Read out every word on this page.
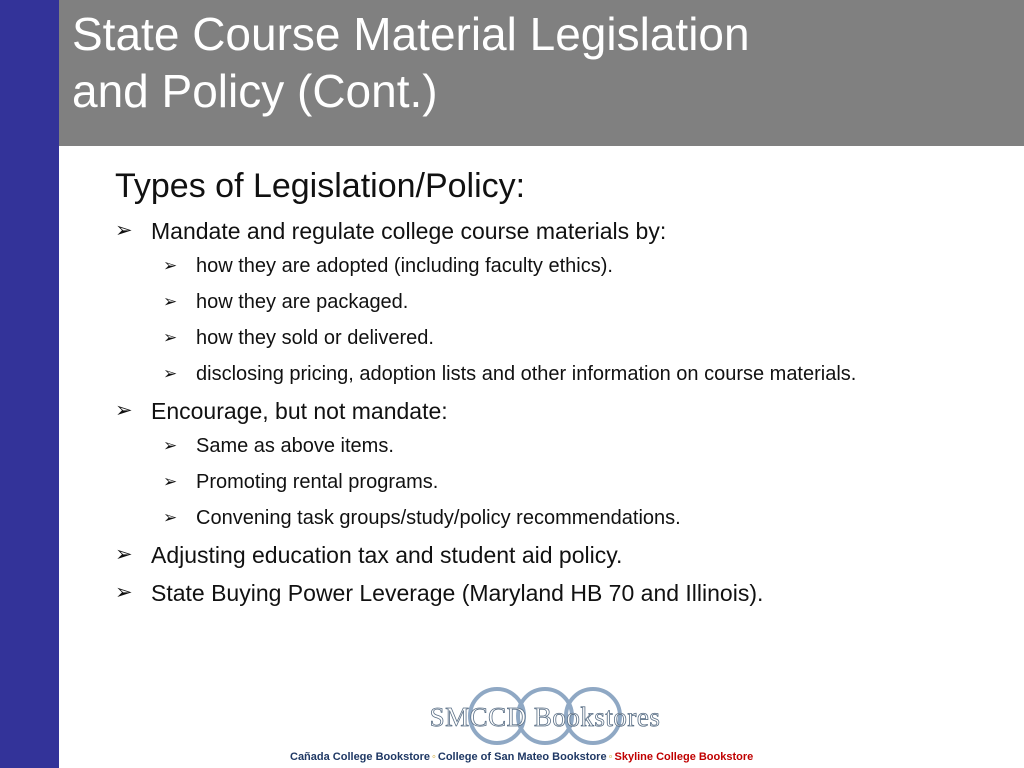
State Course Material Legislation
and Policy (Cont.)

Types of Legislation/Policy:

➢ Mandate and regulate college course materials by:
➢ how they are adopted (including faculty ethics).
➢ how they are packaged.
➢ how they sold or delivered.
➢ disclosing pricing, adoption lists and other information on course materials.
➢ Encourage, but not mandate:
➢ Same as above items.
➢ Promoting rental programs.
➢ Convening task groups/study/policy recommendations.
➢ Adjusting education tax and student aid policy.
➢ State Buying Power Leverage (Maryland HB 70 and Illinois).
SMCCD Bookstores
Cañada College Bookstore ◦ College of San Mateo Bookstore ◦ Skyline College Bookstore
